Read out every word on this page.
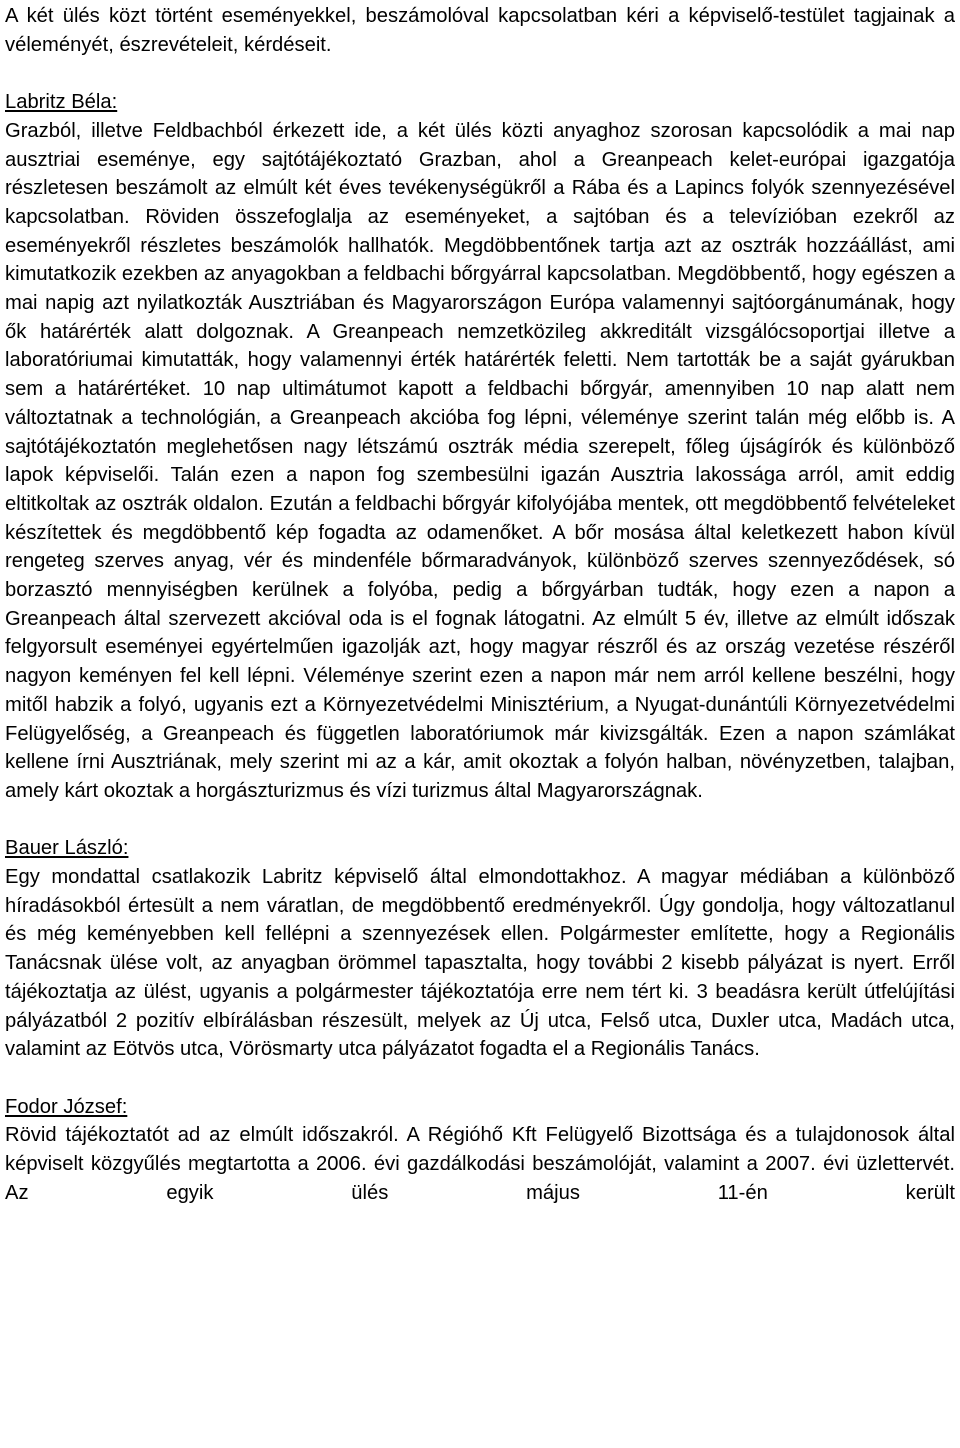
A két ülés közt történt eseményekkel, beszámolóval kapcsolatban kéri a képviselő-testület tagjainak a véleményét, észrevételeit, kérdéseit.

Labritz Béla:

Grazból, illetve Feldbachból érkezett ide, a két ülés közti anyaghoz szorosan kapcsolódik a mai nap ausztriai eseménye, egy sajtótájékoztató Grazban, ahol a Greanpeach kelet-európai igazgatója részletesen beszámolt az elmúlt két éves tevékenységükről a Rába és a Lapincs folyók szennyezésével kapcsolatban. Röviden összefoglalja az eseményeket, a sajtóban és a televízióban ezekről az eseményekről részletes beszámolók hallhatók. Megdöbbentőnek tartja azt az osztrák hozzáállást, ami kimutatkozik ezekben az anyagokban a feldbachi bőrgyárral kapcsolatban. Megdöbbentő, hogy egészen a mai napig azt nyilatkozták Ausztriában és Magyarországon Európa valamennyi sajtóorgánumának, hogy ők határérték alatt dolgoznak. A Greanpeach nemzetközileg akkreditált vizsgálócsoportjai illetve a laboratóriumai kimutatták, hogy valamennyi érték határérték feletti. Nem tartották be a saját gyárukban sem a határértéket. 10 nap ultimátumot kapott a feldbachi bőrgyár, amennyiben 10 nap alatt nem változtatnak a technológián, a Greanpeach akcióba fog lépni, véleménye szerint talán még előbb is. A sajtótájékoztatón meglehetősen nagy létszámú osztrák média szerepelt, főleg újságírók és különböző lapok képviselői. Talán ezen a napon fog szembesülni igazán Ausztria lakossága arról, amit eddig eltitkoltak az osztrák oldalon. Ezután a feldbachi bőrgyár kifolyójába mentek, ott megdöbbentő felvételeket készítettek és megdöbbentő kép fogadta az odamenőket. A bőr mosása által keletkezett habon kívül rengeteg szerves anyag, vér és mindenféle bőrmaradványok, különböző szerves szennyeződések, só borzasztó mennyiségben kerülnek a folyóba, pedig a bőrgyárban tudták, hogy ezen a napon a Greanpeach által szervezett akcióval oda is el fognak látogatni. Az elmúlt 5 év, illetve az elmúlt időszak felgyorsult eseményei egyértelműen igazolják azt, hogy magyar részről és az ország vezetése részéről nagyon keményen fel kell lépni. Véleménye szerint ezen a napon már nem arról kellene beszélni, hogy mitől habzik a folyó, ugyanis ezt a Környezetvédelmi Minisztérium, a Nyugat-dunántúli Környezetvédelmi Felügyelőség, a Greanpeach és független laboratóriumok már kivizsgálták. Ezen a napon számlákat kellene írni Ausztriának, mely szerint mi az a kár, amit okoztak a folyón halban, növényzetben, talajban, amely kárt okoztak a horgászturizmus és vízi turizmus által Magyarországnak.

Bauer László:

Egy mondattal csatlakozik Labritz képviselő által elmondottakhoz. A magyar médiában a különböző híradásokból értesült a nem váratlan, de megdöbbentő eredményekről. Úgy gondolja, hogy változatlanul és még keményebben kell fellépni a szennyezések ellen. Polgármester említette, hogy a Regionális Tanácsnak ülése volt, az anyagban örömmel tapasztalta, hogy további 2 kisebb pályázat is nyert. Erről tájékoztatja az ülést, ugyanis a polgármester tájékoztatója erre nem tért ki. 3 beadásra került útfelújítási pályázatból 2 pozitív elbírálásban részesült, melyek az Új utca, Felső utca, Duxler utca, Madách utca, valamint az Eötvös utca, Vörösmarty utca pályázatot fogadta el a Regionális Tanács.

Fodor József:

Rövid tájékoztatót ad az elmúlt időszakról. A Régióhő Kft Felügyelő Bizottsága és a tulajdonosok által képviselt közgyűlés megtartotta a 2006. évi gazdálkodási beszámolóját, valamint a 2007. évi üzlettervét. Az egyik ülés május 11-én került
